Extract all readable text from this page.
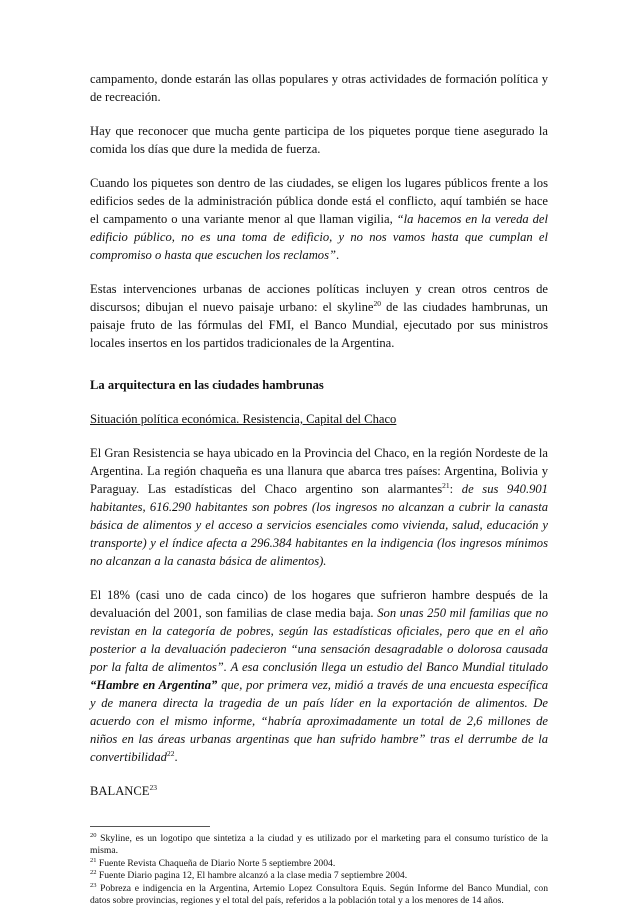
campamento, donde estarán las ollas populares y otras actividades de formación política y de recreación.

Hay que reconocer que mucha gente participa de los piquetes porque tiene asegurado la comida los días que dure la medida de fuerza.

Cuando los piquetes son dentro de las ciudades, se eligen los lugares públicos frente a los edificios sedes de la administración pública donde está el conflicto, aquí también se hace el campamento o una variante menor al que llaman vigilia, “la hacemos en la vereda del edificio público, no es una toma de edificio, y no nos vamos hasta que cumplan el compromiso o hasta que escuchen los reclamos”.

Estas intervenciones urbanas de acciones políticas incluyen y crean otros centros de discursos; dibujan el nuevo paisaje urbano: el skyline$^{20}$ de las ciudades hambrunas, un paisaje fruto de las fórmulas del FMI, el Banco Mundial, ejecutado por sus ministros locales insertos en los partidos tradicionales de la Argentina.

La arquitectura en las ciudades hambrunas
Situación política económica. Resistencia, Capital del Chaco

El Gran Resistencia se haya ubicado en la Provincia del Chaco, en la región Nordeste de la Argentina. La región chaqueña es una llanura que abarca tres países: Argentina, Bolivia y Paraguay. Las estadísticas del Chaco argentino son alarmantes$^{21}$: de sus 940.901 habitantes, 616.290 habitantes son pobres (los ingresos no alcanzan a cubrir la canasta básica de alimentos y el acceso a servicios esenciales como vivienda, salud, educación y transporte) y el índice afecta a 296.384 habitantes en la indigencia (los ingresos mínimos no alcanzan a la canasta básica de alimentos).

El 18% (casi uno de cada cinco) de los hogares que sufrieron hambre después de la devaluación del 2001, son familias de clase media baja. Son unas 250 mil familias que no revistan en la categoría de pobres, según las estadísticas oficiales, pero que en el año posterior a la devaluación padecieron “una sensación desagradable o dolorosa causada por la falta de alimentos”. A esa conclusión llega un estudio del Banco Mundial titulado “Hambre en Argentina” que, por primera vez, midió a través de una encuesta específica y de manera directa la tragedia de un país líder en la exportación de alimentos. De acuerdo con el mismo informe, “habría aproximadamente un total de 2,6 millones de niños en las áreas urbanas argentinas que han sufrido hambre” tras el derrumbe de la convertibilidad$^{22}$.

BALANCE$^{23}$

$^{20}$ Skyline, es un logotipo que sintetiza a la ciudad y es utilizado por el marketing para el consumo turístico de la misma.

$^{21}$ Fuente Revista Chaqueña de Diario Norte 5 septiembre 2004.

$^{22}$ Fuente Diario pagina 12, El hambre alcanzó a la clase media 7 septiembre 2004.

$^{23}$ Pobreza e indigencia en la Argentina, Artemio Lopez Consultora Equis. Según Informe del Banco Mundial, con datos sobre provincias, regiones y el total del país, referidos a la población total y a los menores de 14 años.
